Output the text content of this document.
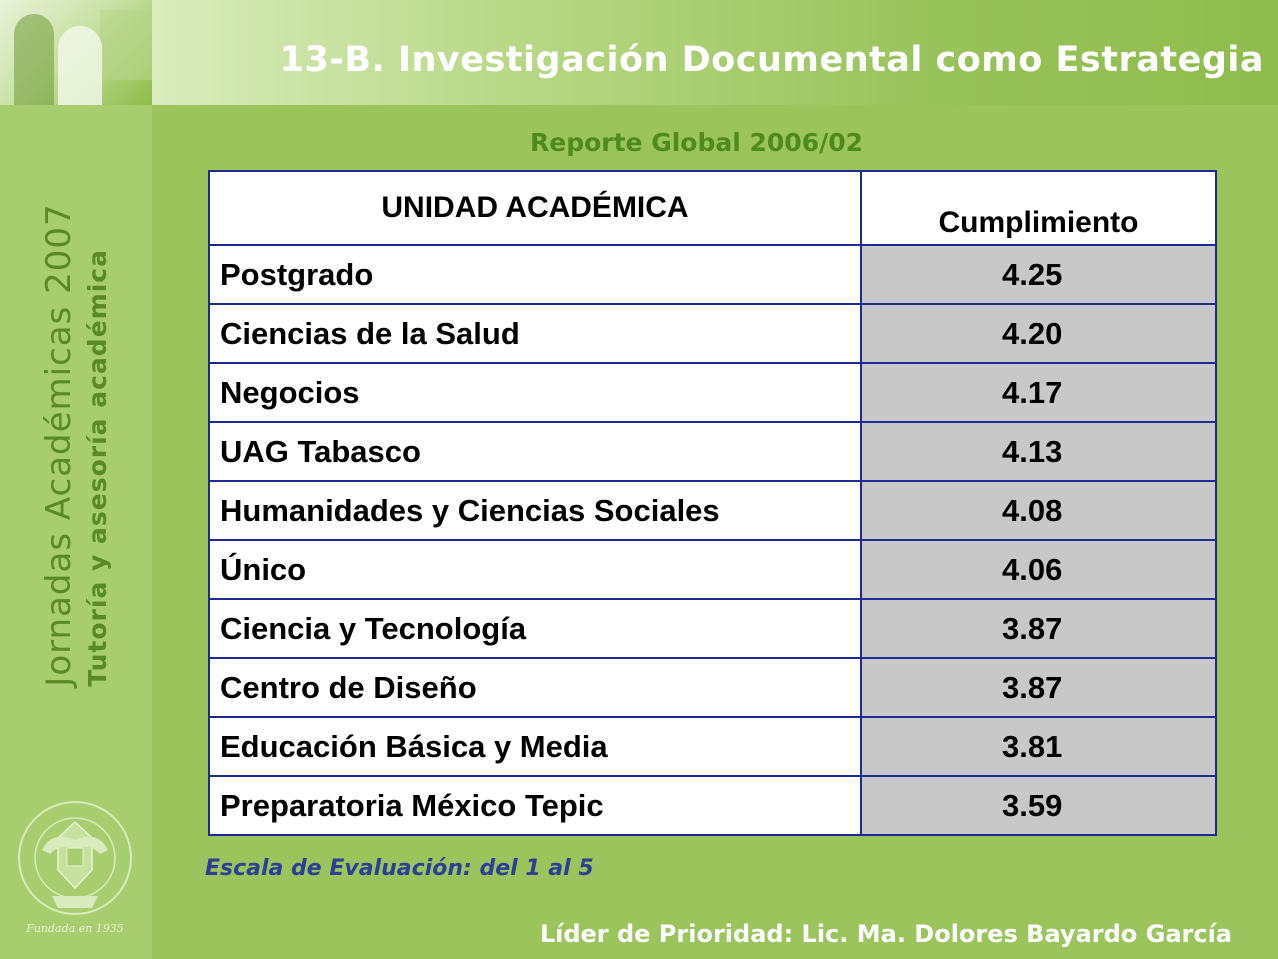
Jornadas Académicas 2007 Tutoría y asesoría académica
Fundada en 1935
13-B. Investigación Documental como Estrategia
Reporte Global 2006/02
UNIDAD ACADÉMICA	Cumplimiento
Postgrado	4.25
Ciencias de la Salud	4.20
Negocios	4.17
UAG Tabasco	4.13
Humanidades y Ciencias Sociales	4.08
Único	4.06
Ciencia y Tecnología	3.87
Centro de Diseño	3.87
Educación Básica y Media	3.81
Preparatoria México Tepic	3.59

Escala de Evaluación: del 1 al 5

Líder de Prioridad: Lic. Ma. Dolores Bayardo García
